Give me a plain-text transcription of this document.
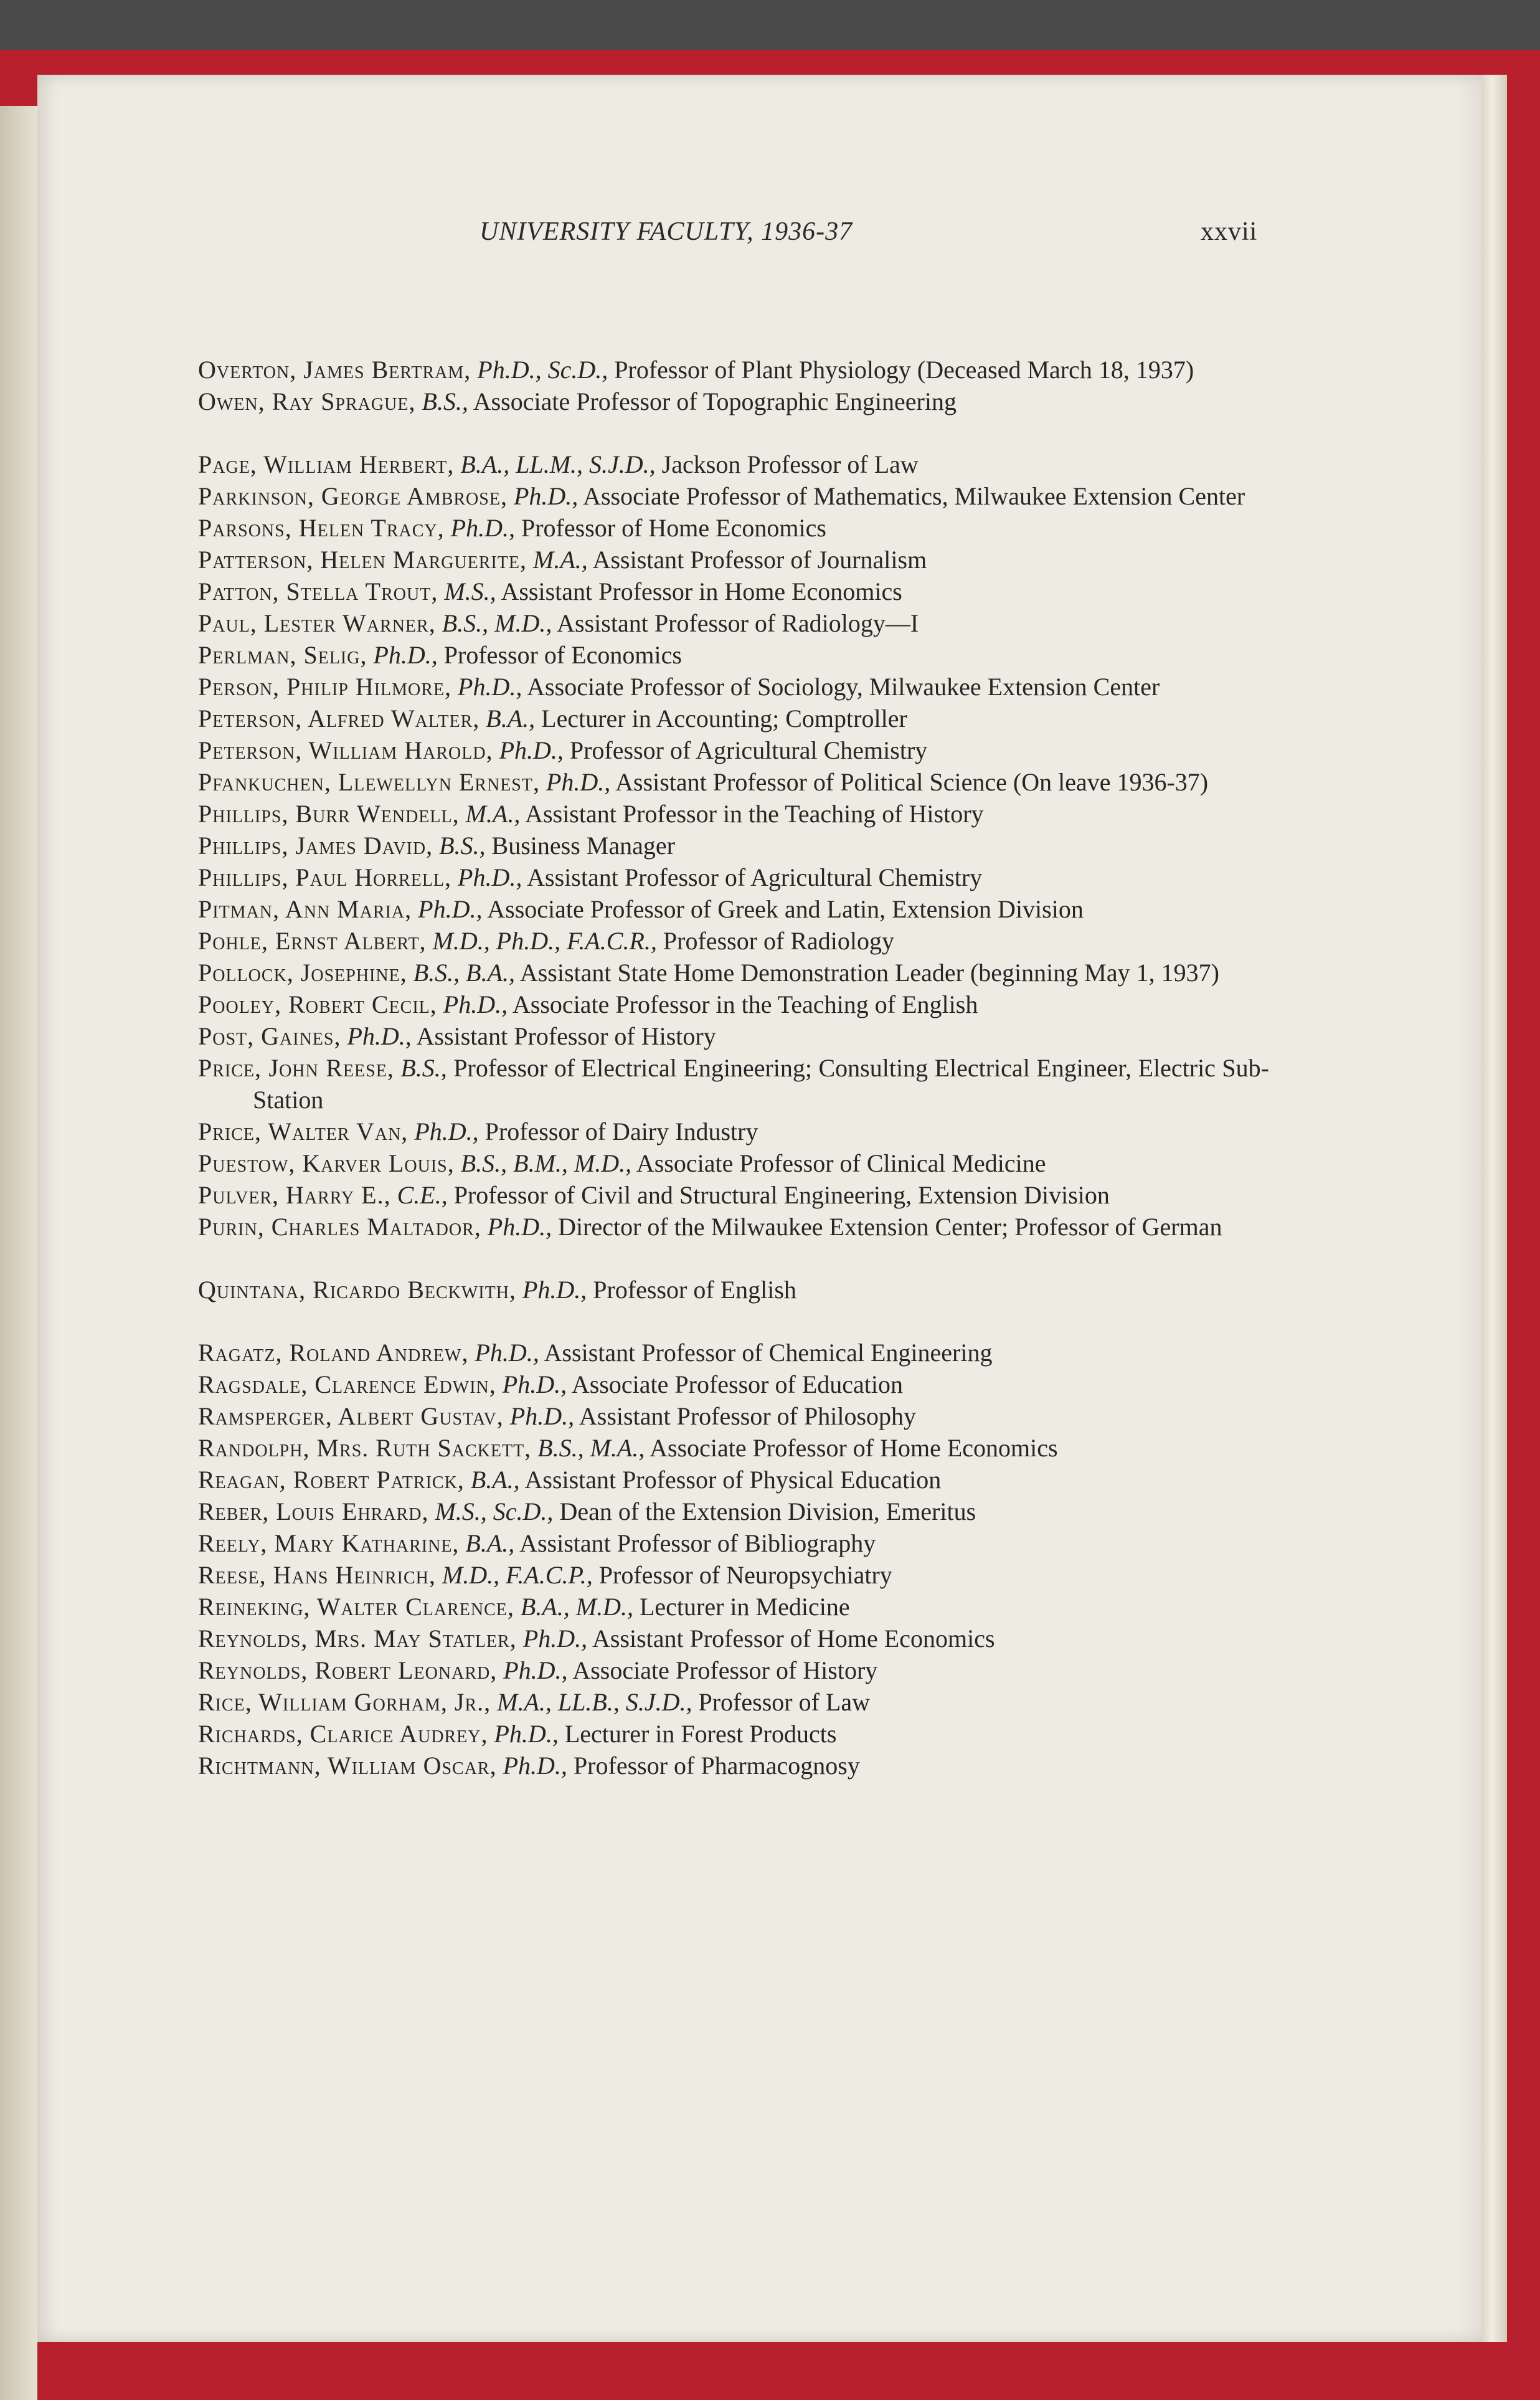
UNIVERSITY FACULTY, 1936-37	xxvii
Overton, James Bertram, Ph.D., Sc.D., Professor of Plant Physiology (Deceased March 18, 1937)
Owen, Ray Sprague, B.S., Associate Professor of Topographic Engineering
Page, William Herbert, B.A., LL.M., S.J.D., Jackson Professor of Law
Parkinson, George Ambrose, Ph.D., Associate Professor of Mathematics, Milwaukee Extension Center
Parsons, Helen Tracy, Ph.D., Professor of Home Economics
Patterson, Helen Marguerite, M.A., Assistant Professor of Journalism
Patton, Stella Trout, M.S., Assistant Professor in Home Economics
Paul, Lester Warner, B.S., M.D., Assistant Professor of Radiology—I
Perlman, Selig, Ph.D., Professor of Economics
Person, Philip Hilmore, Ph.D., Associate Professor of Sociology, Milwaukee Extension Center
Peterson, Alfred Walter, B.A., Lecturer in Accounting; Comptroller
Peterson, William Harold, Ph.D., Professor of Agricultural Chemistry
Pfankuchen, Llewellyn Ernest, Ph.D., Assistant Professor of Political Science (On leave 1936-37)
Phillips, Burr Wendell, M.A., Assistant Professor in the Teaching of History
Phillips, James David, B.S., Business Manager
Phillips, Paul Horrell, Ph.D., Assistant Professor of Agricultural Chemistry
Pitman, Ann Maria, Ph.D., Associate Professor of Greek and Latin, Extension Division
Pohle, Ernst Albert, M.D., Ph.D., F.A.C.R., Professor of Radiology
Pollock, Josephine, B.S., B.A., Assistant State Home Demonstration Leader (beginning May 1, 1937)
Pooley, Robert Cecil, Ph.D., Associate Professor in the Teaching of English
Post, Gaines, Ph.D., Assistant Professor of History
Price, John Reese, B.S., Professor of Electrical Engineering; Consulting Electrical Engineer, Electric Sub-Station
Price, Walter Van, Ph.D., Professor of Dairy Industry
Puestow, Karver Louis, B.S., B.M., M.D., Associate Professor of Clinical Medicine
Pulver, Harry E., C.E., Professor of Civil and Structural Engineering, Extension Division
Purin, Charles Maltador, Ph.D., Director of the Milwaukee Extension Center; Professor of German
Quintana, Ricardo Beckwith, Ph.D., Professor of English
Ragatz, Roland Andrew, Ph.D., Assistant Professor of Chemical Engineering
Ragsdale, Clarence Edwin, Ph.D., Associate Professor of Education
Ramsperger, Albert Gustav, Ph.D., Assistant Professor of Philosophy
Randolph, Mrs. Ruth Sackett, B.S., M.A., Associate Professor of Home Economics
Reagan, Robert Patrick, B.A., Assistant Professor of Physical Education
Reber, Louis Ehrard, M.S., Sc.D., Dean of the Extension Division, Emeritus
Reely, Mary Katharine, B.A., Assistant Professor of Bibliography
Reese, Hans Heinrich, M.D., F.A.C.P., Professor of Neuropsychiatry
Reineking, Walter Clarence, B.A., M.D., Lecturer in Medicine
Reynolds, Mrs. May Statler, Ph.D., Assistant Professor of Home Economics
Reynolds, Robert Leonard, Ph.D., Associate Professor of History
Rice, William Gorham, Jr., M.A., LL.B., S.J.D., Professor of Law
Richards, Clarice Audrey, Ph.D., Lecturer in Forest Products
Richtmann, William Oscar, Ph.D., Professor of Pharmacognosy
